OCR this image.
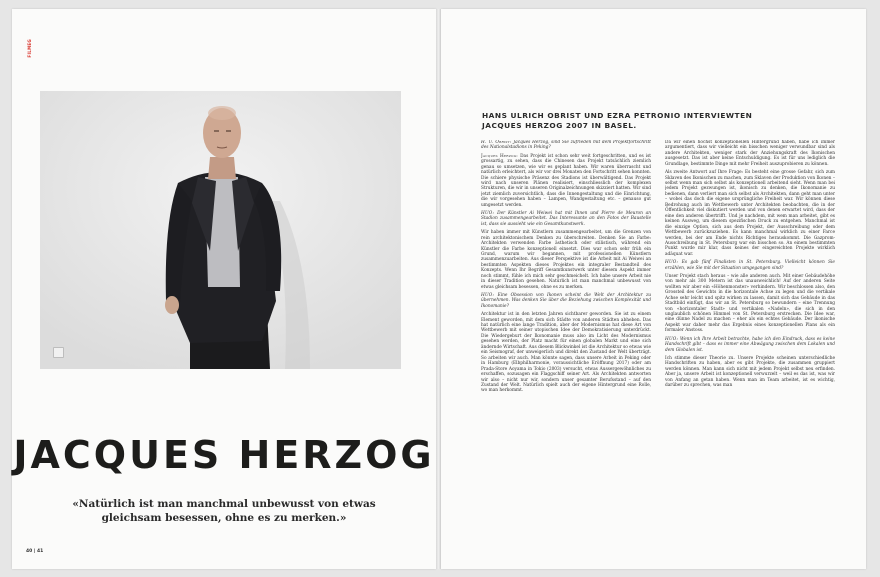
FILMEG
JACQUES HERZOG
«Natürlich ist man manchmal unbewusst von etwas gleichsam besessen, ohne es zu merken.»
40 | 41
HANS ULRICH OBRIST UND EZRA PETRONIO INTERVIEWTEN
JACQUES HERZOG 2007 IN BASEL.

H. U. Obrist: Jacques Herzog, sind Sie zufrieden mit dem Projektfortschritt des Nationalstadions in Peking?

Jacques Herzog: Das Projekt ist schon sehr weit fortgeschritten, und es ist grossartig, zu sehen, dass die Chinesen das Projekt tatsächlich ziemlich genau so umsetzen, wie wir es geplant haben. Wir waren überrascht und natürlich erleichtert, als wir vor drei Monaten den Fortschritt sehen konnten. Die schiere physische Präsenz des Stadions ist überwältigend. Das Projekt wird nach unseren Plänen realisiert, einschliesslich der komplexen Strukturen, die wir in unseren Originalzeichnungen skizziert hatten. Wir sind jetzt ziemlich zuversichtlich, dass die Innengestaltung und die Einrichtung, die wir vorgesehen haben – Lampen, Wandgestaltung etc. – genauso gut umgesetzt werden.

HUO: Der Künstler Ai Weiwei hat mit Ihnen und Pierre de Meuron an Stadion zusammengearbeitet. Das Interessante an den Fotos der Baustelle ist, dass sie aussieht wie ein Gesamtkunstwerk.

Wir haben immer mit Künstlern zusammengearbeitet, um die Grenzen von rein architektonischem Denken zu überschreiten. Denken Sie an Farbe: Architekten verwenden Farbe ästhetisch oder stilistisch, während ein Künstler die Farbe konzeptionell einsetzt. Dies war schon sehr früh ein Grund, warum wir begannen, mit professionellen Künstlern zusammenzuarbeiten. Aus dieser Perspektive ist die Arbeit mit Ai Weiwei an bestimmten Aspekten dieses Projektes ein integraler Bestandteil des Konzepts. Wenn Ihr Begriff Gesamtkunstwerk unter diesem Aspekt immer noch stimmt, fühle ich mich sehr geschmeichelt. Ich habe unsere Arbeit nie in dieser Tradition gesehen. Natürlich ist man manchmal unbewusst von etwas gleichsam besessen, ohne es zu merken.

HUO: Eine Obsession von Ikonen scheint die Welt der Architektur zu übernehmen. Was denken Sie über die Beziehung zwischen Komplexität und Ikonomanie?

Architektur ist in den letzten Jahren sichtbarer geworden. Sie ist zu einem Element geworden, mit dem sich Städte von anderen Städten abheben. Das hat natürlich eine lange Tradition, aber der Modernismus hat diese Art von Wettbewerb mit seiner utopischen Idee der Demokratisierung unterdrückt. Die Wiedergeburt der Ikonomanie muss also im Licht des Modernismus gesehen werden, der Platz macht für einen globalen Markt und eine sich ändernde Wirtschaft. Aus diesem Blickwinkel ist die Architektur so etwas wie ein Seismograf, der unweigerlich und direkt den Zustand der Welt überträgt. So arbeiten wir auch. Man könnte sagen, dass unsere Arbeit in Peking oder in Hamburg (Elbphilharmonie, voraussichtliche Eröffnung 2017) oder am Prada-Store Aoyama in Tokio (2003) versucht, etwas Aussergewöhnliches zu erschaffen, sozusagen ein Flaggschiff seiner Art. Als Architekten antworten wir also – nicht nur wir, sondern unser gesamter Berufsstand – auf den Zustand der Welt. Natürlich spielt auch der eigene Hintergrund eine Rolle, wo man herkommt.

Da wir einen höchst konzeptionellen Hintergrund haben, habe ich immer argumentiert, dass wir vielleicht ein bisschen weniger verwundbar sind als andere Architekten, weniger stark der Anziehungskraft des Ikonischen ausgesetzt. Das ist aber keine Entschuldigung. Es ist für uns lediglich die Grundlage, bestimmte Dinge mit mehr Freiheit auszuprobieren zu können.

Als zweite Antwort auf Ihre Frage: Es besteht eine grosse Gefahr, sich zum Sklaven des Ikonischen zu machen, zum Sklaven der Produktion von Ikonen – selbst wenn man sich selbst als konzeptionell arbeitend sieht. Wenn man bei jedem Projekt gezwungen ist, ikonisch zu denken, die Ikonomanie zu bedienen, dann verliert man sich selbst als Architekten, dann geht man unter – wobei das doch die eigene ursprüngliche Freiheit war. Wir können diese Bedrohung auch im Wettbewerb unter Architekten beobachten, die in der Öffentlichkeit viel diskutiert werden und von denen erwartet wird, dass der eine den anderen übertrifft. Und je nachdem, mit wem man arbeitet, gibt es keinen Ausweg, um diesem spezifischen Druck zu entgehen. Manchmal ist die einzige Option, sich aus dem Projekt, der Ausschreibung oder dem Wettbewerb zurückzuziehen. Es kann manchmal wirklich zu einer Farce werden, bei der am Ende nichts Richtiges herauskommt. Die Gazprom-Ausschreibung in St. Petersburg war ein bisschen so. An einem bestimmten Punkt wurde mir klar, dass keines der eingereichten Projekte wirklich adäquat war.

HUO: Es gab fünf Finalisten in St. Petersburg. Vielleicht können Sie erzählen, wie Sie mit der Situation umgegangen sind?

Unser Projekt stach heraus – wie alle anderen auch. Mit einer Gebäudehöhe von mehr als 300 Metern ist das unausweichlich! Auf der anderen Seite wollten wir aber ein «Höhenmonster» verhindern. Wir beschlossen also, den Grossteil des Gewichts in die horizontale Achse zu legen und die vertikale Achse sehr leicht und spitz wirken zu lassen, damit sich das Gebäude in das Stadtbild einfügt, das wir an St. Petersburg so bewundern – eine Trennung von «horizontaler Stadt» und vertikalen «Nadeln», die sich in den unglaublich schönen Himmel von St. Petersburg erstrecken. Die Idee war, eine dünne Nadel zu machen – eher als ein echtes Gebäude. Der ikonische Aspekt war daher mehr das Ergebnis eines konzeptionellen Plans als ein formaler Anstoss.

HUO: Wenn ich Ihre Arbeit betrachte, habe ich den Eindruck, dass es keine Handschrift gibt – dass es immer eine Abwägung zwischen dem Lokalen und dem Globalen ist.

Ich stimme dieser Theorie zu. Unsere Projekte scheinen unterschiedliche Handschriften zu haben, aber es gibt Projekte, die zusammen gruppiert werden können. Man kann sich nicht mit jedem Projekt selbst neu erfinden. Aber ja, unsere Arbeit ist konzeptionell verwurzelt – weil es das ist, was wir von Anfang an getan haben. Wenn man im Team arbeitet, ist es wichtig, darüber zu sprechen, was man
